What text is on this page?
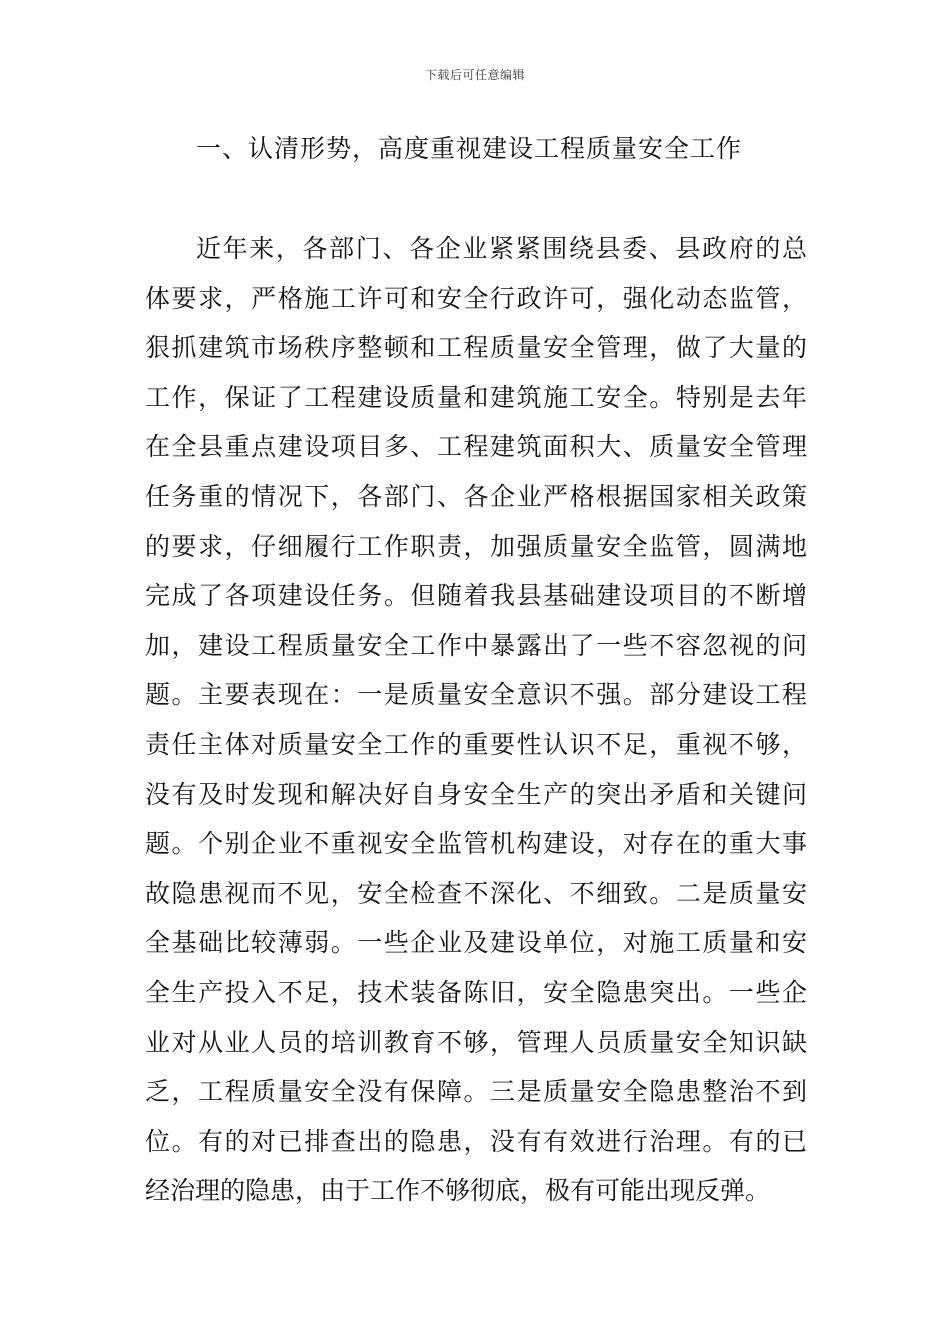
下载后可任意编辑
一、认清形势，高度重视建设工程质量安全工作
近年来，各部门、各企业紧紧围绕县委、县政府的总
体要求，严格施工许可和安全行政许可，强化动态监管，
狠抓建筑市场秩序整顿和工程质量安全管理，做了大量的
工作，保证了工程建设质量和建筑施工安全。特别是去年
在全县重点建设项目多、工程建筑面积大、质量安全管理
任务重的情况下，各部门、各企业严格根据国家相关政策
的要求，仔细履行工作职责，加强质量安全监管，圆满地
完成了各项建设任务。但随着我县基础建设项目的不断增
加，建设工程质量安全工作中暴露出了一些不容忽视的问
题。主要表现在：一是质量安全意识不强。部分建设工程
责任主体对质量安全工作的重要性认识不足，重视不够，
没有及时发现和解决好自身安全生产的突出矛盾和关键问
题。个别企业不重视安全监管机构建设，对存在的重大事
故隐患视而不见，安全检查不深化、不细致。二是质量安
全基础比较薄弱。一些企业及建设单位，对施工质量和安
全生产投入不足，技术装备陈旧，安全隐患突出。一些企
业对从业人员的培训教育不够，管理人员质量安全知识缺
乏，工程质量安全没有保障。三是质量安全隐患整治不到
位。有的对已排查出的隐患，没有有效进行治理。有的已
经治理的隐患，由于工作不够彻底，极有可能出现反弹。
